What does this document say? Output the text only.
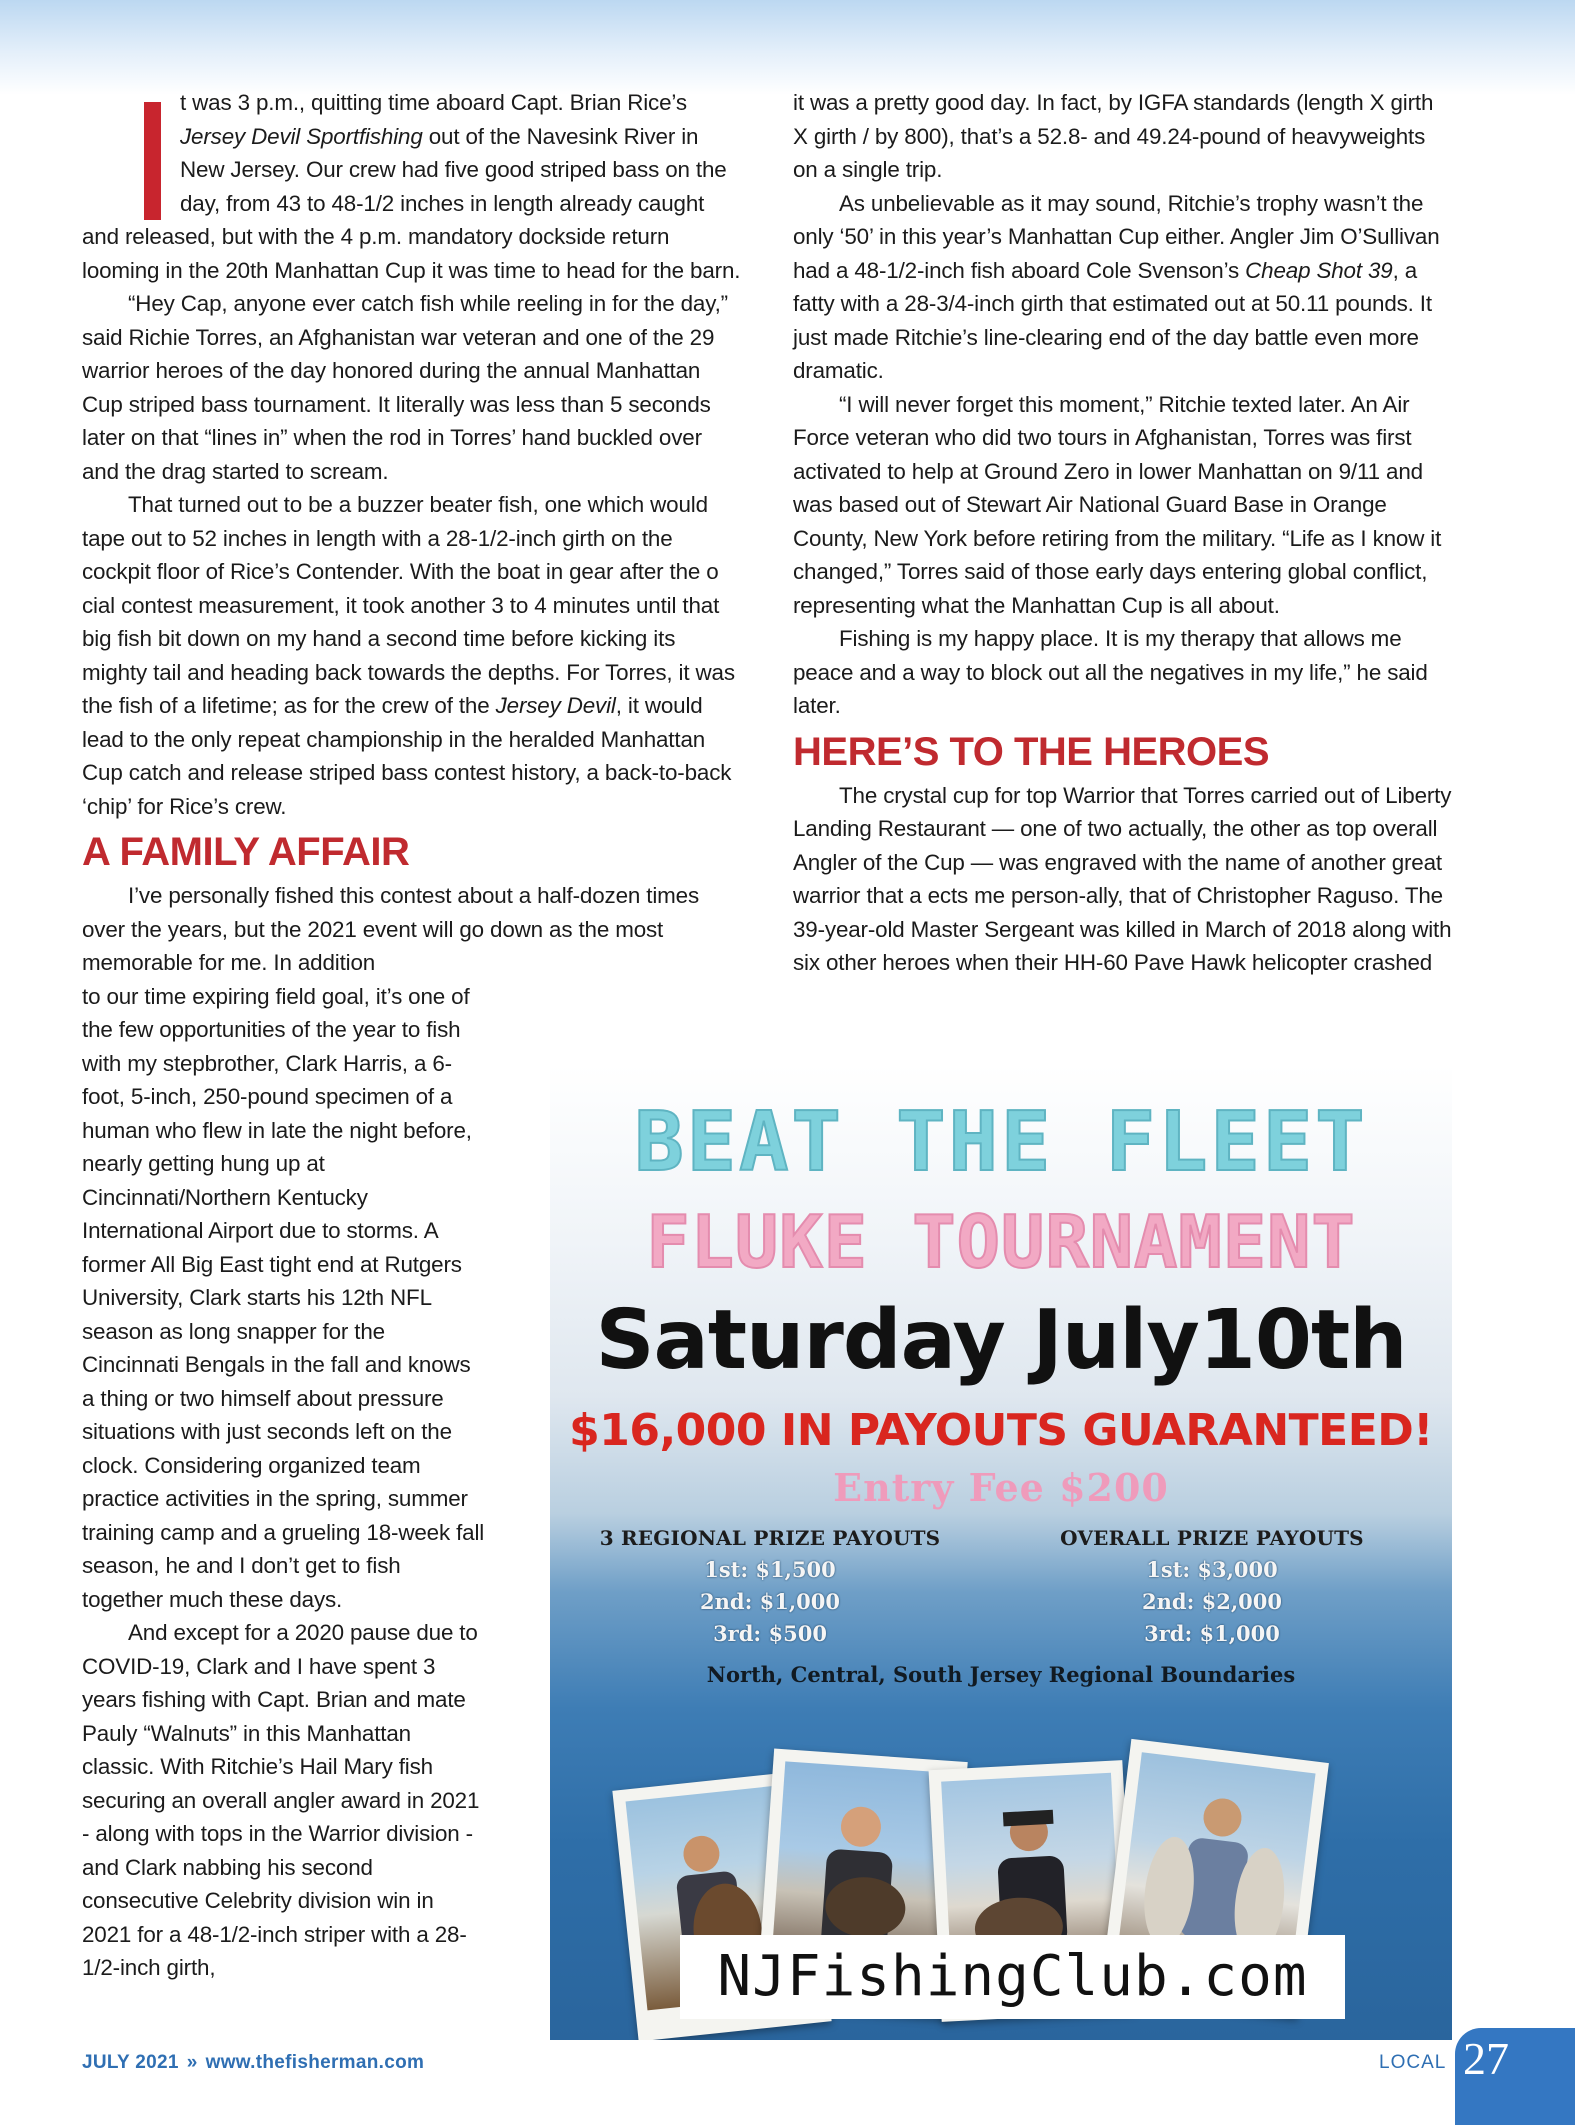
t was 3 p.m., quitting time aboard Capt. Brian Rice’s Jersey Devil Sportfishing out of the Navesink River in New Jersey. Our crew had five good striped bass on the day, from 43 to 48-1/2 inches in length already caught and released, but with the 4 p.m. mandatory dockside return looming in the 20th Manhattan Cup it was time to head for the barn.

“Hey Cap, anyone ever catch fish while reeling in for the day,” said Richie Torres, an Afghanistan war veteran and one of the 29 warrior heroes of the day honored during the annual Manhattan Cup striped bass tournament. It literally was less than 5 seconds later on that “lines in” when the rod in Torres’ hand buckled over and the drag started to scream.

That turned out to be a buzzer beater fish, one which would tape out to 52 inches in length with a 28-1/2-inch girth on the cockpit floor of Rice’s Contender. With the boat in gear after the o cial contest measurement, it took another 3 to 4 minutes until that big fish bit down on my hand a second time before kicking its mighty tail and heading back towards the depths. For Torres, it was the fish of a lifetime; as for the crew of the Jersey Devil, it would lead to the only repeat championship in the heralded Manhattan Cup catch and release striped bass contest history, a back-to-back ‘chip’ for Rice’s crew.

A FAMILY AFFAIR

I’ve personally fished this contest about a half-dozen times over the years, but the 2021 event will go down as the most memorable for me. In addition

to our time expiring field goal, it’s one of the few opportunities of the year to fish with my stepbrother, Clark Harris, a 6-foot, 5-inch, 250-pound specimen of a human who flew in late the night before, nearly getting hung up at Cincinnati/Northern Kentucky International Airport due to storms. A former All Big East tight end at Rutgers University, Clark starts his 12th NFL season as long snapper for the Cincinnati Bengals in the fall and knows a thing or two himself about pressure situations with just seconds left on the clock. Considering organized team practice activities in the spring, summer training camp and a grueling 18-week fall season, he and I don’t get to fish together much these days.

And except for a 2020 pause due to COVID-19, Clark and I have spent 3 years fishing with Capt. Brian and mate Pauly “Walnuts” in this Manhattan classic. With Ritchie’s Hail Mary fish securing an overall angler award in 2021 - along with tops in the Warrior division - and Clark nabbing his second consecutive Celebrity division win in 2021 for a 48-1/2-inch striper with a 28-1/2-inch girth,

it was a pretty good day. In fact, by IGFA standards (length X girth X girth / by 800), that’s a 52.8- and 49.24-pound of heavyweights on a single trip.

As unbelievable as it may sound, Ritchie’s trophy wasn’t the only ‘50’ in this year’s Manhattan Cup either. Angler Jim O’Sullivan had a 48-1/2-inch fish aboard Cole Svenson’s Cheap Shot 39, a fatty with a 28-3/4-inch girth that estimated out at 50.11 pounds. It just made Ritchie’s line-clearing end of the day battle even more dramatic.

“I will never forget this moment,” Ritchie texted later. An Air Force veteran who did two tours in Afghanistan, Torres was first activated to help at Ground Zero in lower Manhattan on 9/11 and was based out of Stewart Air National Guard Base in Orange County, New York before retiring from the military. “Life as I know it changed,” Torres said of those early days entering global conflict, representing what the Manhattan Cup is all about.

Fishing is my happy place. It is my therapy that allows me peace and a way to block out all the negatives in my life,” he said later.

HERE’S TO THE HEROES

The crystal cup for top Warrior that Torres carried out of Liberty Landing Restaurant — one of two actually, the other as top overall Angler of the Cup — was engraved with the name of another great warrior that a ects me person-ally, that of Christopher Raguso. The 39-year-old Master Sergeant was killed in March of 2018 along with six other heroes when their HH-60 Pave Hawk helicopter crashed

BEAT THE FLEET
FLUKE TOURNAMENT
Saturday July10th
$16,000 IN PAYOUTS GUARANTEED!
Entry Fee $200
3 REGIONAL PRIZE PAYOUTS
1st: $1,500
2nd: $1,000
3rd: $500
OVERALL PRIZE PAYOUTS
1st: $3,000
2nd: $2,000
3rd: $1,000
North, Central, South Jersey Regional Boundaries
NJFishingClub.com
JULY 2021 » www.thefisherman.com	LOCAL 27
